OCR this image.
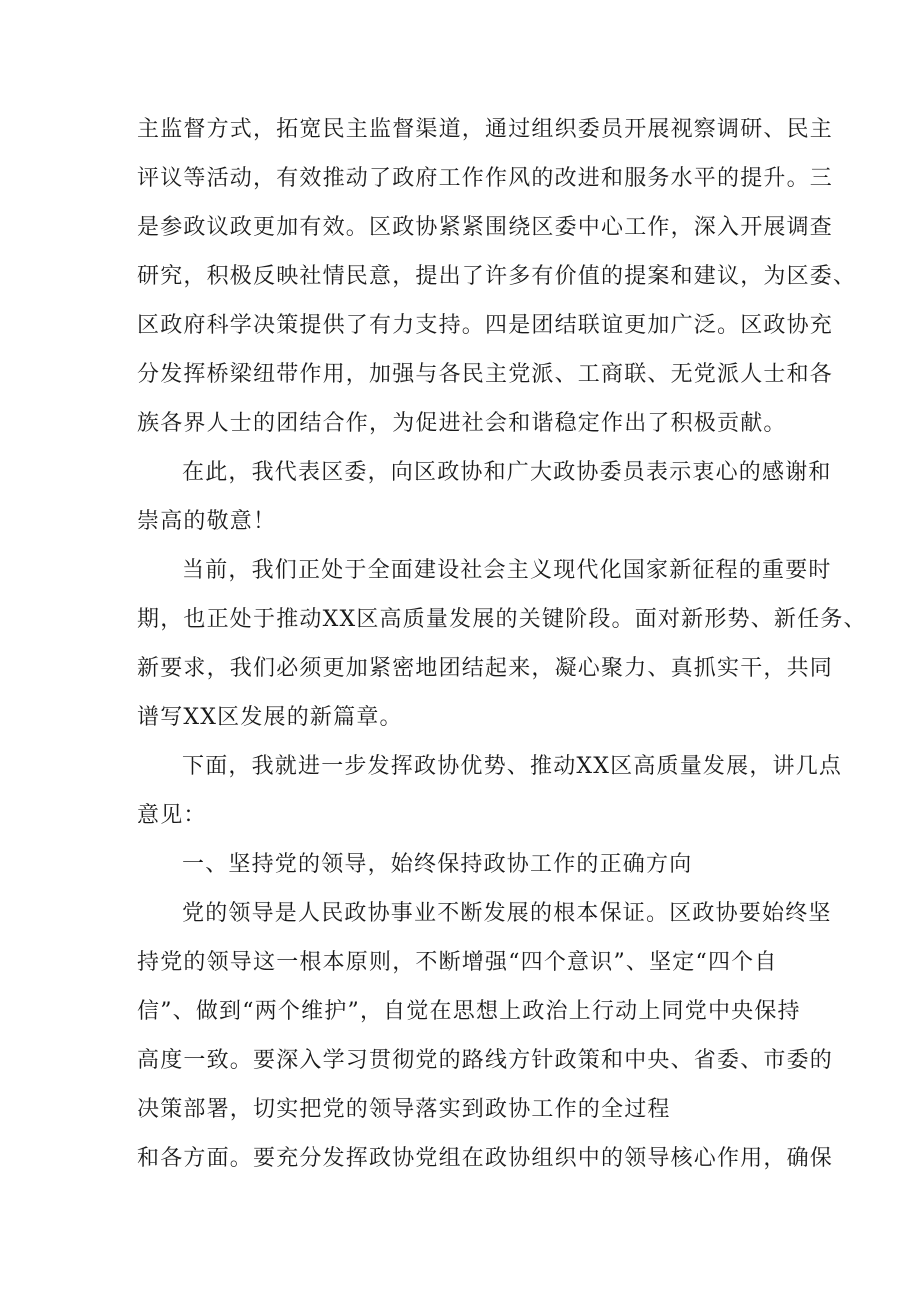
主监督方式，拓宽民主监督渠道，通过组织委员开展视察调研、民主
评议等活动，有效推动了政府工作作风的改进和服务水平的提升。三
是参政议政更加有效。区政协紧紧围绕区委中心工作，深入开展调查
研究，积极反映社情民意，提出了许多有价值的提案和建议，为区委、
区政府科学决策提供了有力支持。四是团结联谊更加广泛。区政协充
分发挥桥梁纽带作用，加强与各民主党派、工商联、无党派人士和各
族各界人士的团结合作，为促进社会和谐稳定作出了积极贡献。
在此，我代表区委，向区政协和广大政协委员表示衷心的感谢和
崇高的敬意！
当前，我们正处于全面建设社会主义现代化国家新征程的重要时
期，也正处于推动XX区高质量发展的关键阶段。面对新形势、新任务、
新要求，我们必须更加紧密地团结起来，凝心聚力、真抓实干，共同
谱写XX区发展的新篇章。
下面，我就进一步发挥政协优势、推动XX区高质量发展，讲几点
意见：
一、坚持党的领导，始终保持政协工作的正确方向
党的领导是人民政协事业不断发展的根本保证。区政协要始终坚
持党的领导这一根本原则，不断增强“四个意识”、坚定“四个自
信”、做到“两个维护”，自觉在思想上政治上行动上同党中央保持
高度一致。要深入学习贯彻党的路线方针政策和中央、省委、市委的
决策部署，切实把党的领导落实到政协工作的全过程
和各方面。要充分发挥政协党组在政协组织中的领导核心作用，确保
